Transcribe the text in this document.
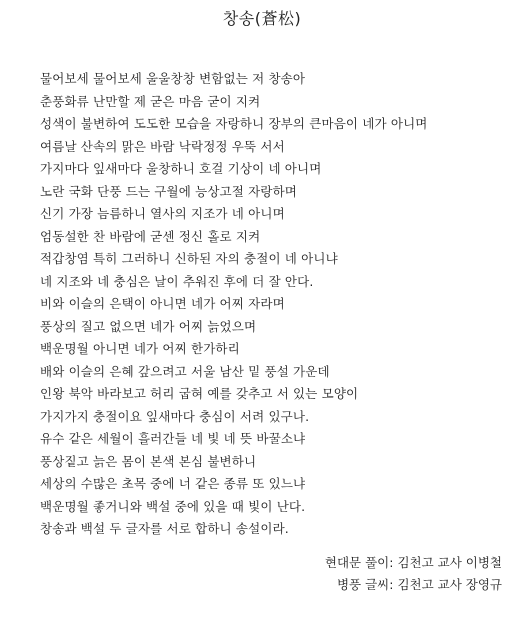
창송(蒼松)
물어보세 물어보세 울울창창 변함없는 저 창송아
춘풍화류 난만할 제 굳은 마음 굳이 지켜
성색이 불변하여 도도한 모습을 자랑하니 장부의 큰마음이 네가 아니며
여름날 산속의 맑은 바람 낙락정정 우뚝 서서
가지마다 잎새마다 울창하니 호걸 기상이 네 아니며
노란 국화 단풍 드는 구월에 능상고절 자랑하며
신기 가장 늠름하니 열사의 지조가 네 아니며
엄동설한 찬 바람에 굳센 정신 홀로 지켜
적갑창염 특히 그러하니 신하된 자의 충절이 네 아니냐
네 지조와 네 충심은 날이 추워진 후에 더 잘 안다.
비와 이슬의 은택이 아니면 네가 어찌 자라며
풍상의 질고 없으면 네가 어찌 늙었으며
백운명월 아니면 네가 어찌 한가하리
배와 이슬의 은혜 갚으려고 서울 남산 밑 풍설 가운데
인왕 북악 바라보고 허리 굽혀 예를 갖추고 서 있는 모양이
가지가지 충절이요 잎새마다 충심이 서려 있구나.
유수 같은 세월이 흘러간들 네 빛 네 뜻 바꿀소냐
풍상짙고 늙은 몸이 본색 본심 불변하니
세상의 수많은 초목 중에 너 같은 종류 또 있느냐
백운명월 좋거니와 백설 중에 있을 때 빛이 난다.
창송과 백설 두 글자를 서로 합하니 송설이라.
현대문 풀이: 김천고 교사 이병철
병풍 글씨: 김천고 교사 장영규
